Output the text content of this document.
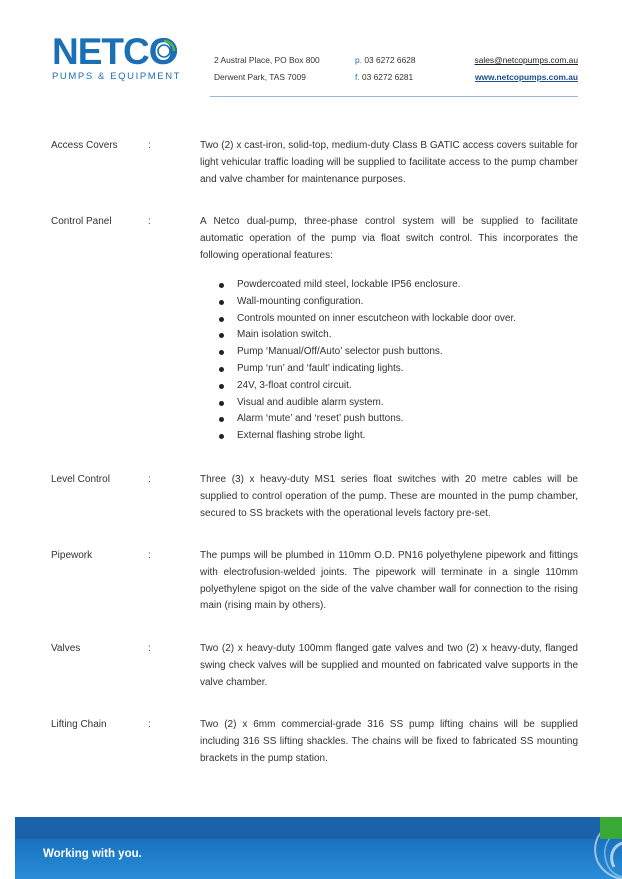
NETCO
PUMPS & EQUIPMENT
2 Austral Place, PO Box 800
Derwent Park, TAS 7009
p. 03 6272 6628
f. 03 6272 6281
sales@netcopumps.com.au
www.netcopumps.com.au
Access Covers	:	Two (2) x cast-iron, solid-top, medium-duty Class B GATIC access covers suitable for light vehicular traffic loading will be supplied to facilitate access to the pump chamber and valve chamber for maintenance purposes.
Control Panel	:	A Netco dual-pump, three-phase control system will be supplied to facilitate automatic operation of the pump via float switch control. This incorporates the following operational features:
Powdercoated mild steel, lockable IP56 enclosure.
Wall-mounting configuration.
Controls mounted on inner escutcheon with lockable door over.
Main isolation switch.
Pump ‘Manual/Off/Auto’ selector push buttons.
Pump ‘run’ and ‘fault’ indicating lights.
24V, 3-float control circuit.
Visual and audible alarm system.
Alarm ‘mute’ and ‘reset’ push buttons.
External flashing strobe light.
Level Control	:	Three (3) x heavy-duty MS1 series float switches with 20 metre cables will be supplied to control operation of the pump. These are mounted in the pump chamber, secured to SS brackets with the operational levels factory pre-set.
Pipework	:	The pumps will be plumbed in 110mm O.D. PN16 polyethylene pipework and fittings with electrofusion-welded joints. The pipework will terminate in a single 110mm polyethylene spigot on the side of the valve chamber wall for connection to the rising main (rising main by others).
Valves	:	Two (2) x heavy-duty 100mm flanged gate valves and two (2) x heavy-duty, flanged swing check valves will be supplied and mounted on fabricated valve supports in the valve chamber.
Lifting Chain	:	Two (2) x 6mm commercial-grade 316 SS pump lifting chains will be supplied including 316 SS lifting shackles. The chains will be fixed to fabricated SS mounting brackets in the pump station.
Working with you.
